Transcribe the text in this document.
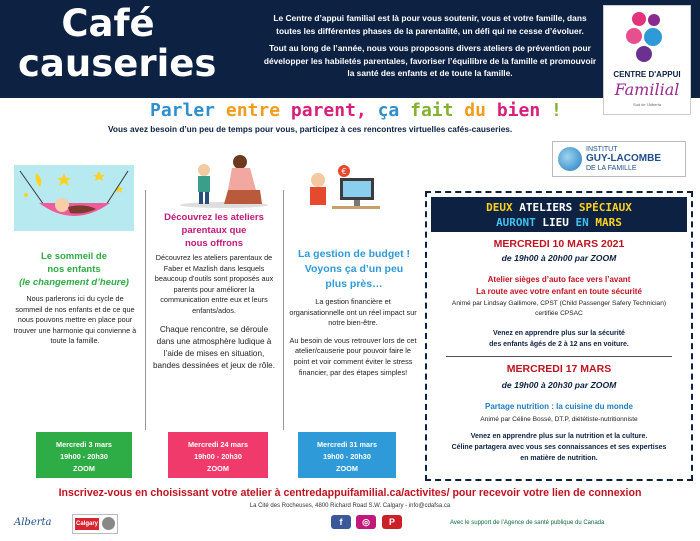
Café
causeries

Le Centre d’appui familial est là pour vous soutenir, vous et votre famille, dans toutes les différentes phases de la parentalité, un défi qui ne cesse d’évoluer.

Tout au long de l’année, nous vous proposons divers ateliers de prévention pour développer les habiletés parentales, favoriser l’équilibre de la famille et promouvoir la santé des enfants et de toute la famille.	CENTRE D'APPUI
Familial
Sud de l'Alberta
Parler entre parent, ça fait du bien !
Vous avez besoin d’un peu de temps pour vous, participez à ces rencontres virtuelles cafés-causeries.
INSTITUT
GUY-LACOMBE
DE LA FAMILLE
Le sommeil de
nos enfants
(le changement d’heure)

Nous parlerons ici du cycle de sommeil de nos enfants et de ce que nous pouvons mettre en place pour trouver une harmonie qui convienne à toute la famille.

Découvrez les ateliers
parentaux que
nous offrons

Découvrez les ateliers parentaux de Faber et Mazlish dans lesquels beaucoup d’outils sont proposés aux parents pour améliorer la communication entre eux et leurs enfants/ados.

Chaque rencontre, se déroule dans une atmosphère ludique à l’aide de mises en situation, bandes dessinées et jeux de rôle.

€
La gestion de budget !
Voyons ça d’un peu
plus près…

La gestion financière et organisationnelle ont un réel impact sur notre bien-être.

Au besoin de vous retrouver lors de cet atelier/causerie pour pouvoir faire le point et voir comment éviter le stress financier, par des étapes simples!

Mercredi 3 mars
19h00 - 20h30
ZOOM
Mercredi 24 mars
19h00 - 20h30
ZOOM
Mercredi 31 mars
19h00 - 20h30
ZOOM
DEUX ATELIERS SPÉCIAUX
AURONT LIEU EN MARS
MERCREDI 10 MARS 2021
de 19h00 à 20h00 par ZOOM
Atelier sièges d’auto face vers l’avant
La route avec votre enfant en toute sécurité
Animé par Lindsay Gallimore, CPST (Child Passenger Safery Technician)
certifiée CPSAC
Venez en apprendre plus sur la sécurité
des enfants âgés de 2 à 12 ans en voiture.
MERCREDI 17 MARS
de 19h00 à 20h30 par ZOOM
Partage nutrition : la cuisine du monde
Animé par Céline Bossé, DT.P, diététiste-nutritionniste
Venez en apprendre plus sur la nutrition et la culture.
Céline partagera avec vous ses connaissances et ses expertises
en matière de nutrition.
Inscrivez-vous en choisissant votre atelier à centredappuifamilial.ca/activites/ pour recevoir votre lien de connexion
La Cité des Rocheuses, 4800 Richard Road S.W. Calgary - info@cdafsa.ca
Alberta	Calgary	f	◎	P	Avec le support de l’Agence de santé publique du Canada
